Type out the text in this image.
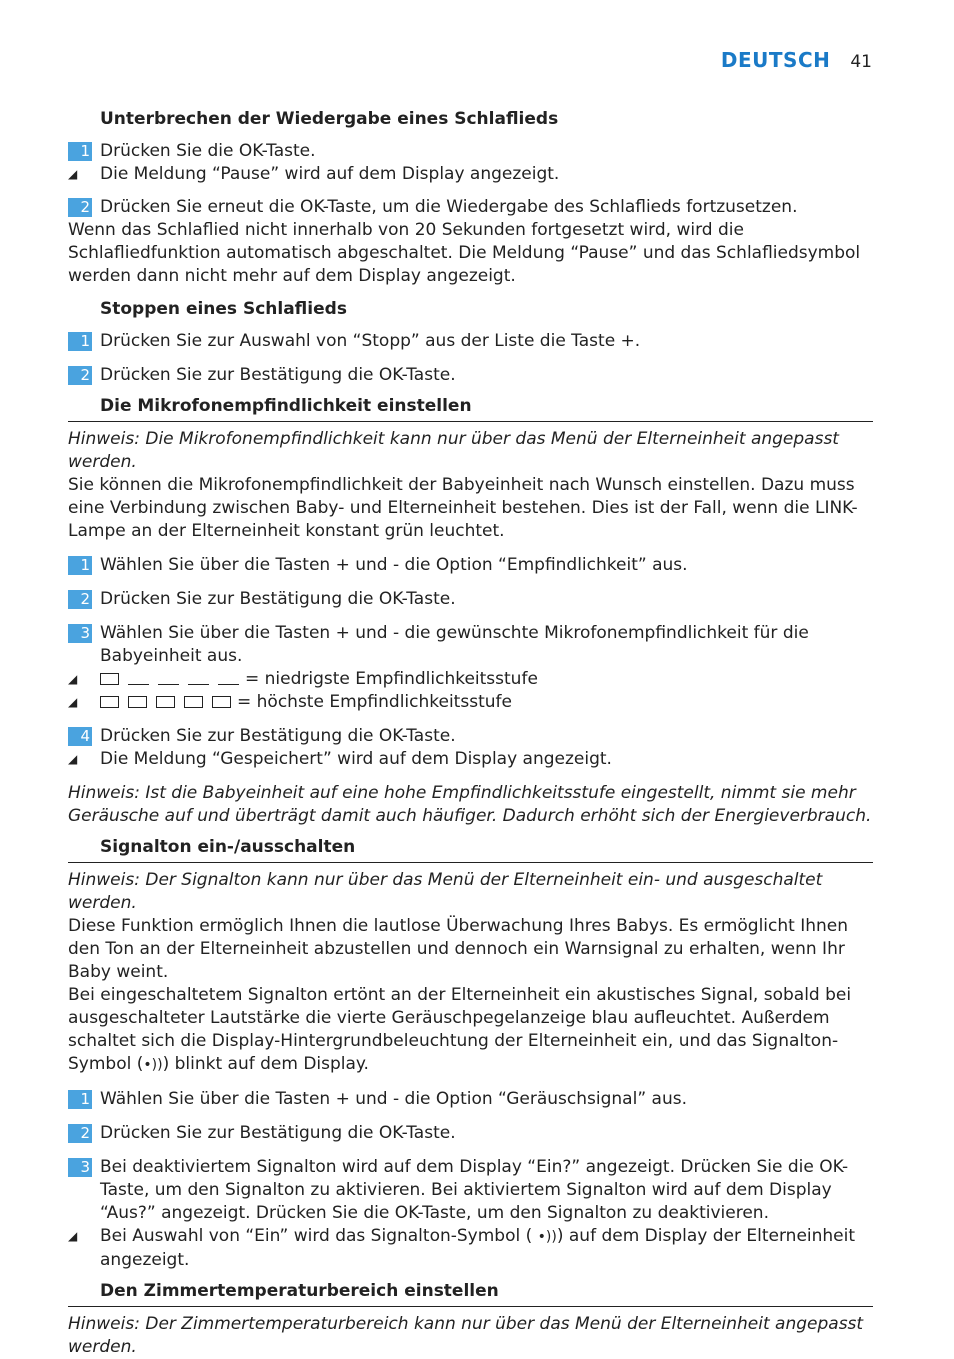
DEUTSCH 41

Unterbrechen der Wiedergabe eines Schlaflieds

1 Drücken Sie die OK-Taste.
◢	Die Meldung “Pause” wird auf dem Display angezeigt.
2 Drücken Sie erneut die OK-Taste, um die Wiedergabe des Schlaflieds fortzusetzen.

Wenn das Schlaflied nicht innerhalb von 20 Sekunden fortgesetzt wird, wird die Schlafliedfunktion automatisch abgeschaltet. Die Meldung “Pause” und das Schlafliedsymbol werden dann nicht mehr auf dem Display angezeigt.

Stoppen eines Schlaflieds

1 Drücken Sie zur Auswahl von “Stopp” aus der Liste die Taste +.
2 Drücken Sie zur Bestätigung die OK-Taste.

Die Mikrofonempfindlichkeit einstellen

Hinweis: Die Mikrofonempfindlichkeit kann nur über das Menü der Elterneinheit angepasst werden.

Sie können die Mikrofonempfindlichkeit der Babyeinheit nach Wunsch einstellen. Dazu muss eine Verbindung zwischen Baby- und Elterneinheit bestehen. Dies ist der Fall, wenn die LINK-Lampe an der Elterneinheit konstant grün leuchtet.

1 Wählen Sie über die Tasten + und - die Option “Empfindlichkeit” aus.
2 Drücken Sie zur Bestätigung die OK-Taste.
3 Wählen Sie über die Tasten + und - die gewünschte Mikrofonempfindlichkeit für die Babyeinheit aus.
◢	= niedrigste Empfindlichkeitsstufe
◢	= höchste Empfindlichkeitsstufe
4 Drücken Sie zur Bestätigung die OK-Taste.
◢	Die Meldung “Gespeichert” wird auf dem Display angezeigt.

Hinweis: Ist die Babyeinheit auf eine hohe Empfindlichkeitsstufe eingestellt, nimmt sie mehr Geräusche auf und überträgt damit auch häufiger. Dadurch erhöht sich der Energieverbrauch.

Signalton ein-/ausschalten

Hinweis: Der Signalton kann nur über das Menü der Elterneinheit ein- und ausgeschaltet werden.

Diese Funktion ermöglich Ihnen die lautlose Überwachung Ihres Babys. Es ermöglicht Ihnen den Ton an der Elterneinheit abzustellen und dennoch ein Warnsignal zu erhalten, wenn Ihr Baby weint.

Bei eingeschaltetem Signalton ertönt an der Elterneinheit ein akustisches Signal, sobald bei ausgeschalteter Lautstärke die vierte Geräuschpegelanzeige blau aufleuchtet. Außerdem schaltet sich die Display-Hintergrundbeleuchtung der Elterneinheit ein, und das Signalton-Symbol (•))) blinkt auf dem Display.

1 Wählen Sie über die Tasten + und - die Option “Geräuschsignal” aus.
2 Drücken Sie zur Bestätigung die OK-Taste.
3 Bei deaktiviertem Signalton wird auf dem Display “Ein?” angezeigt. Drücken Sie die OK-Taste, um den Signalton zu aktivieren. Bei aktiviertem Signalton wird auf dem Display “Aus?” angezeigt. Drücken Sie die OK-Taste, um den Signalton zu deaktivieren.
◢	Bei Auswahl von “Ein” wird das Signalton-Symbol ( •))) auf dem Display der Elterneinheit angezeigt.

Den Zimmertemperaturbereich einstellen

Hinweis: Der Zimmertemperaturbereich kann nur über das Menü der Elterneinheit angepasst werden.
